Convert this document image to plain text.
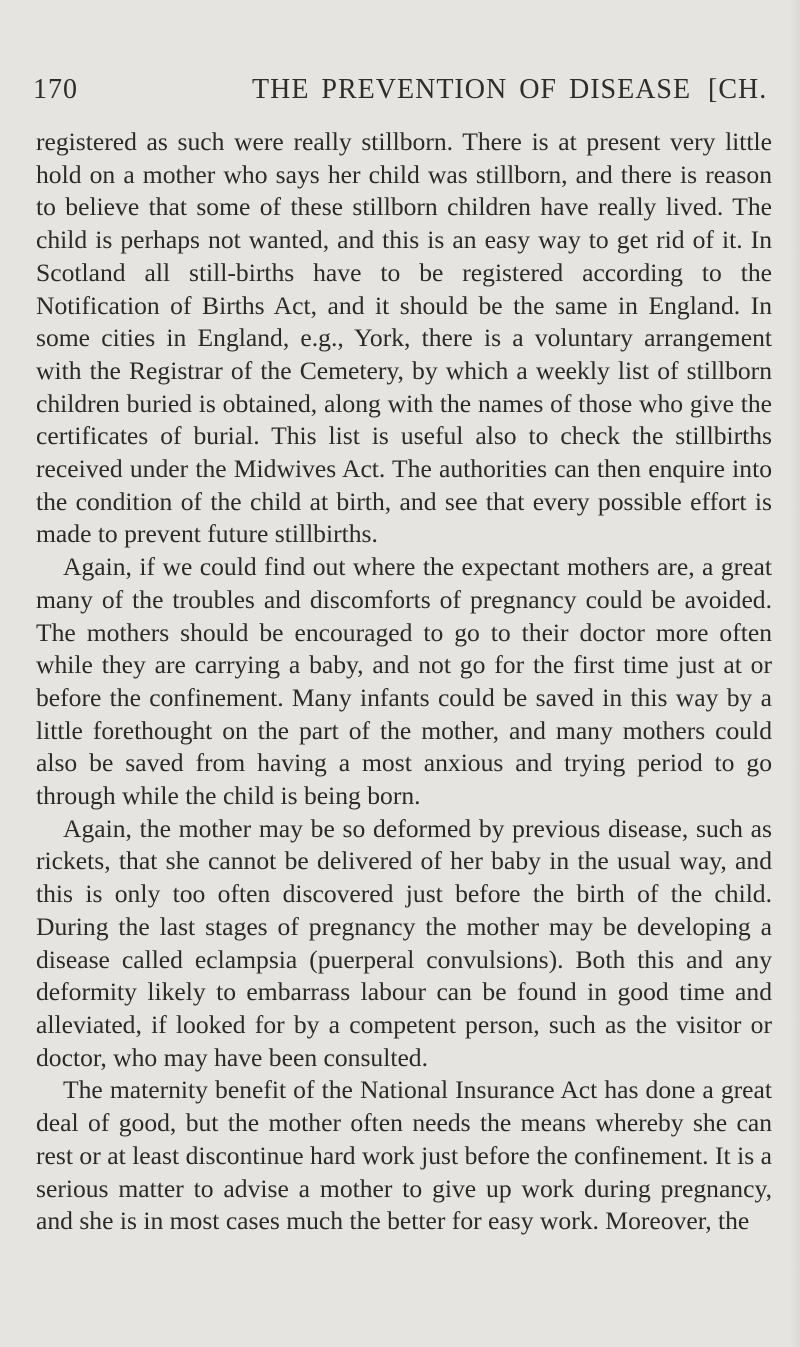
170	THE PREVENTION OF DISEASE [CH.

registered as such were really stillborn. There is at present very little hold on a mother who says her child was stillborn, and there is reason to believe that some of these stillborn children have really lived. The child is perhaps not wanted, and this is an easy way to get rid of it. In Scotland all still-births have to be registered according to the Notification of Births Act, and it should be the same in England. In some cities in England, e.g., York, there is a voluntary arrangement with the Registrar of the Cemetery, by which a weekly list of stillborn children buried is obtained, along with the names of those who give the certificates of burial. This list is useful also to check the stillbirths received under the Midwives Act. The authorities can then enquire into the condition of the child at birth, and see that every possible effort is made to prevent future stillbirths.

Again, if we could find out where the expectant mothers are, a great many of the troubles and discomforts of pregnancy could be avoided. The mothers should be encouraged to go to their doctor more often while they are carrying a baby, and not go for the first time just at or before the confinement. Many infants could be saved in this way by a little forethought on the part of the mother, and many mothers could also be saved from having a most anxious and trying period to go through while the child is being born.

Again, the mother may be so deformed by previous disease, such as rickets, that she cannot be delivered of her baby in the usual way, and this is only too often discovered just before the birth of the child. During the last stages of pregnancy the mother may be developing a disease called eclampsia (puerperal convulsions). Both this and any deformity likely to embarrass labour can be found in good time and alleviated, if looked for by a competent person, such as the visitor or doctor, who may have been consulted.

The maternity benefit of the National Insurance Act has done a great deal of good, but the mother often needs the means whereby she can rest or at least discontinue hard work just before the confinement. It is a serious matter to advise a mother to give up work during pregnancy, and she is in most cases much the better for easy work. Moreover, the
